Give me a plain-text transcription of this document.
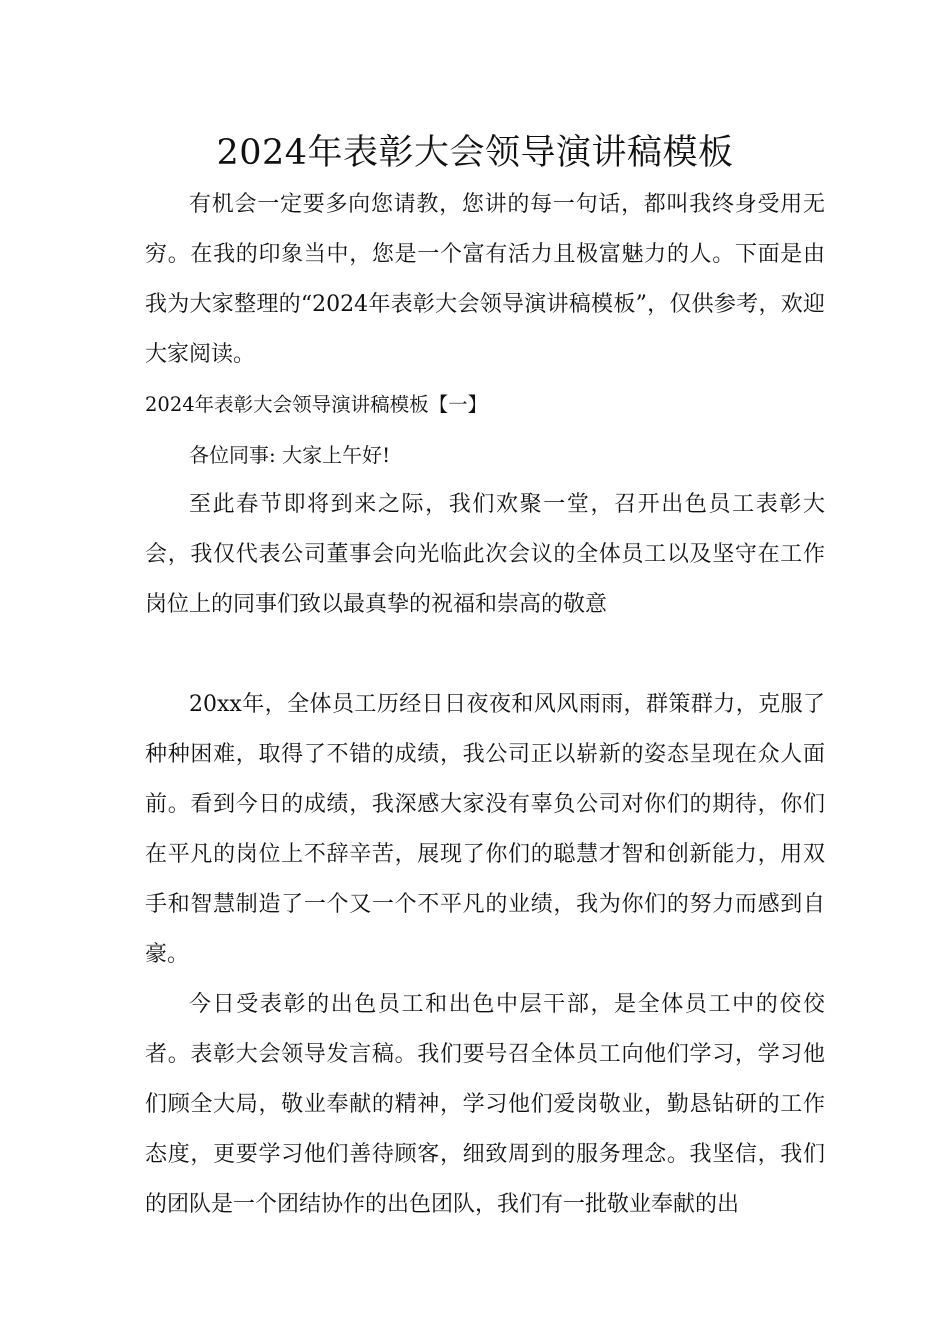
2024年表彰大会领导演讲稿模板

有机会一定要多向您请教，您讲的每一句话，都叫我终身受用无穷。在我的印象当中，您是一个富有活力且极富魅力的人。下面是由我为大家整理的“2024年表彰大会领导演讲稿模板”，仅供参考，欢迎大家阅读。

2024年表彰大会领导演讲稿模板【一】

各位同事: 大家上午好!

至此春节即将到来之际，我们欢聚一堂，召开出色员工表彰大会，我仅代表公司董事会向光临此次会议的全体员工以及坚守在工作岗位上的同事们致以最真挚的祝福和崇高的敬意

20xx年，全体员工历经日日夜夜和风风雨雨，群策群力，克服了种种困难，取得了不错的成绩，我公司正以崭新的姿态呈现在众人面前。看到今日的成绩，我深感大家没有辜负公司对你们的期待，你们在平凡的岗位上不辞辛苦，展现了你们的聪慧才智和创新能力，用双手和智慧制造了一个又一个不平凡的业绩，我为你们的努力而感到自豪。

今日受表彰的出色员工和出色中层干部，是全体员工中的佼佼者。表彰大会领导发言稿。我们要号召全体员工向他们学习，学习他们顾全大局，敬业奉献的精神，学习他们爱岗敬业，勤恳钻研的工作态度，更要学习他们善待顾客，细致周到的服务理念。我坚信，我们的团队是一个团结协作的出色团队，我们有一批敬业奉献的出
